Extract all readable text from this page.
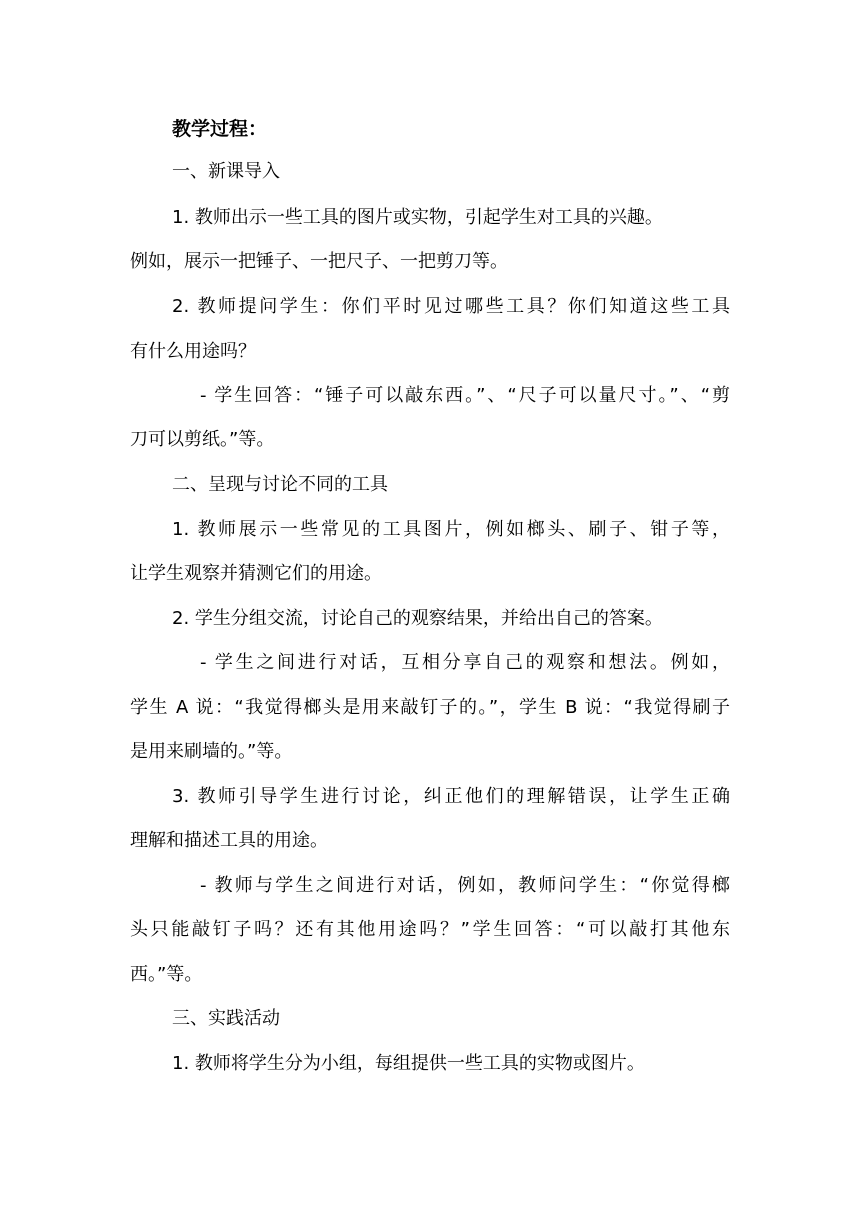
教学过程：
一、新课导入
1. 教师出示一些工具的图片或实物，引起学生对工具的兴趣。
例如，展示一把锤子、一把尺子、一把剪刀等。
2. 教师提问学生：你们平时见过哪些工具？你们知道这些工具
有什么用途吗？
- 学生回答：“锤子可以敲东西。”、“尺子可以量尺寸。”、“剪
刀可以剪纸。”等。
二、呈现与讨论不同的工具
1. 教师展示一些常见的工具图片，例如榔头、刷子、钳子等，
让学生观察并猜测它们的用途。
2. 学生分组交流，讨论自己的观察结果，并给出自己的答案。
- 学生之间进行对话，互相分享自己的观察和想法。例如，
学生 A 说：“我觉得榔头是用来敲钉子的。”，学生 B 说：“我觉得刷子
是用来刷墙的。”等。
3. 教师引导学生进行讨论，纠正他们的理解错误，让学生正确
理解和描述工具的用途。
- 教师与学生之间进行对话，例如，教师问学生：“你觉得榔
头只能敲钉子吗？还有其他用途吗？”学生回答：“可以敲打其他东
西。”等。
三、实践活动
1. 教师将学生分为小组，每组提供一些工具的实物或图片。
